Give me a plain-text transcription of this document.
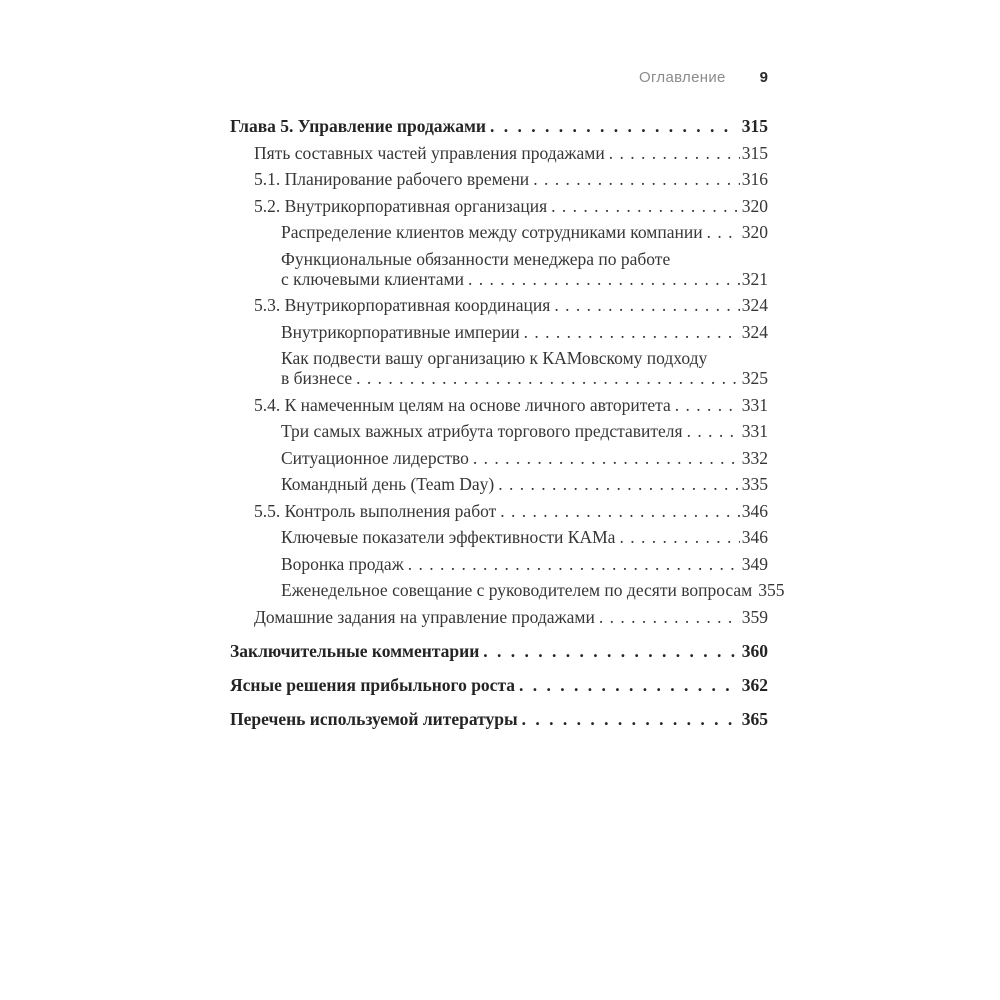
Оглавление 9
Глава 5. Управление продажами . . .	315
Пять составных частей управления продажами . . .	315
5.1. Планирование рабочего времени . . .	316
5.2. Внутрикорпоративная организация . . .	320
Распределение клиентов между сотрудниками компании . . . 320
Функциональные обязанности менеджера по работе
с ключевыми клиентами . . .	321
5.3. Внутрикорпоративная координация . . .	324
Внутрикорпоративные империи . . .	324
Как подвести вашу организацию к КАМовскому подходу
в бизнесе . . .	325
5.4. К намеченным целям на основе личного авторитета . . .	331
Три самых важных атрибута торгового представителя . . .	331
Ситуационное лидерство . . .	332
Командный день (Team Day) . . .	335
5.5. Контроль выполнения работ . . .	346
Ключевые показатели эффективности КАМа . . .	346
Воронка продаж . . .	349
Еженедельное совещание с руководителем по десяти вопросам 355
Домашние задания на управление продажами . . .	359
Заключительные комментарии . . .	360
Ясные решения прибыльного роста . . .	362
Перечень используемой литературы . . .	365
